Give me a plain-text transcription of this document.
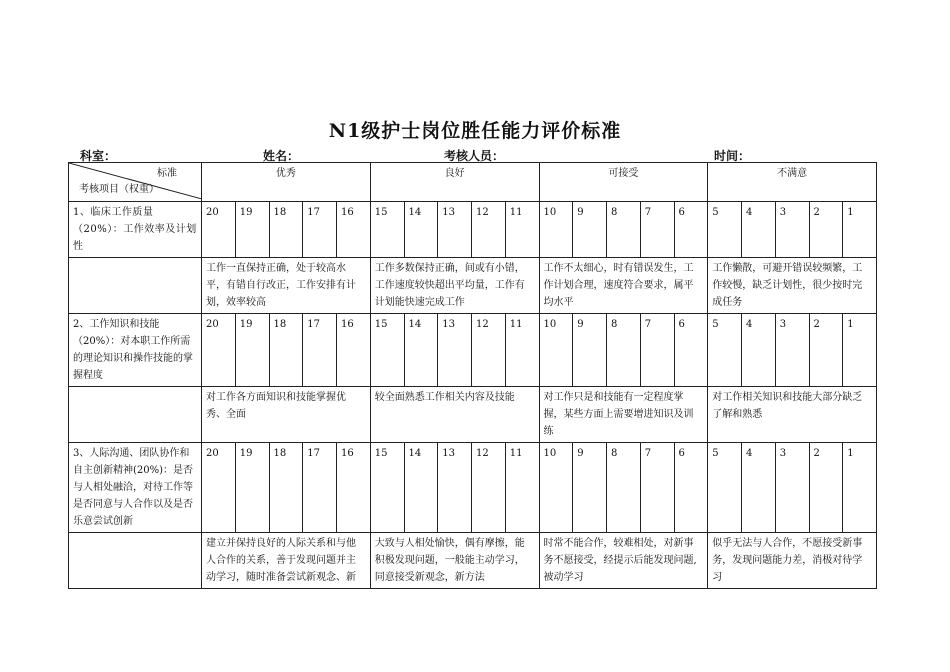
N1级护士岗位胜任能力评价标准
科室：	姓名：	考核人员：	时间：
标准
考核项目（权重）	优秀					良好					可接受					不满意				
1、临床工作质量（20%）：工作效率及计划性	20	19	18	17	16	15	14	13	12	11	10	9	8	7	6	5	4	3	2	1
	工作一直保持正确，处于较高水平，有错自行改正，工作安排有计划，效率较高					工作多数保持正确，间或有小错，工作速度较快超出平均量，工作有计划能快速完成工作					工作不太细心，时有错误发生，工作计划合理，速度符合要求，属平均水平					工作懒散，可避开错误较频繁，工作较慢，缺乏计划性，很少按时完成任务				
2、工作知识和技能（20%）：对本职工作所需的理论知识和操作技能的掌握程度	20	19	18	17	16	15	14	13	12	11	10	9	8	7	6	5	4	3	2	1
	对工作各方面知识和技能掌握优秀、全面					较全面熟悉工作相关内容及技能					对工作只是和技能有一定程度掌握，某些方面上需要增进知识及训练					对工作相关知识和技能大部分缺乏了解和熟悉				
3、人际沟通、团队协作和自主创新精神(20%)：是否与人相处融洽，对待工作等是否同意与人合作以及是否乐意尝试创新	20	19	18	17	16	15	14	13	12	11	10	9	8	7	6	5	4	3	2	1
	建立并保持良好的人际关系和与他人合作的关系，善于发现问题并主动学习，随时准备尝试新观念、新					大致与人相处愉快，偶有摩擦，能积极发现问题，一般能主动学习，同意接受新观念，新方法					时常不能合作，较难相处，对新事务不愿接受，经提示后能发现问题,被动学习					似乎无法与人合作，不愿接受新事务，发现问题能力差，消极对待学习				
